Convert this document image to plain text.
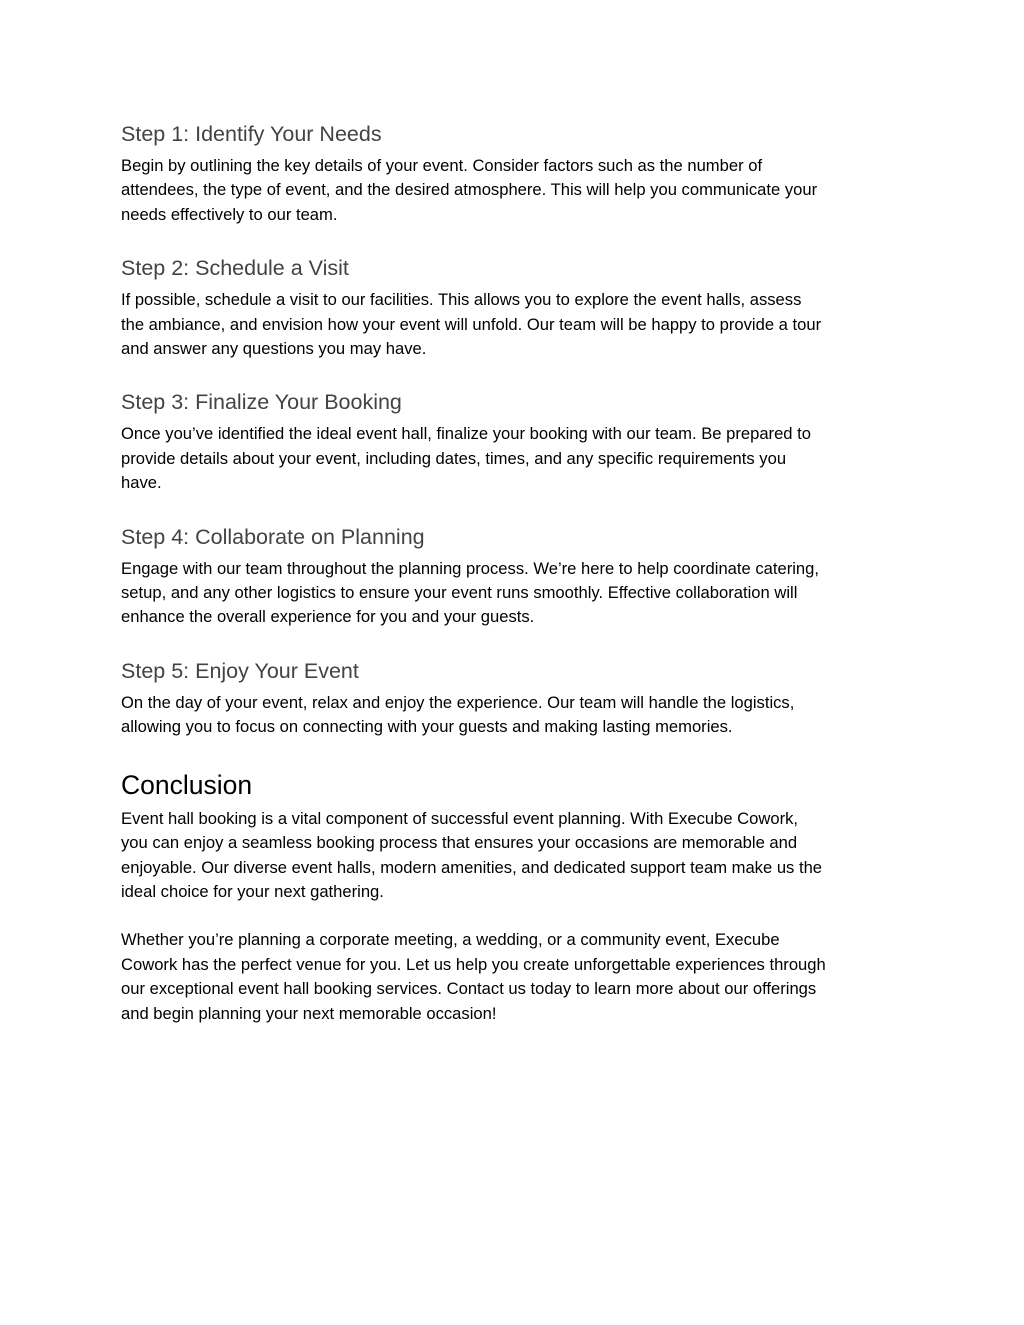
Step 1: Identify Your Needs

Begin by outlining the key details of your event. Consider factors such as the number of
attendees, the type of event, and the desired atmosphere. This will help you communicate your
needs effectively to our team.

Step 2: Schedule a Visit

If possible, schedule a visit to our facilities. This allows you to explore the event halls, assess
the ambiance, and envision how your event will unfold. Our team will be happy to provide a tour
and answer any questions you may have.

Step 3: Finalize Your Booking

Once you’ve identified the ideal event hall, finalize your booking with our team. Be prepared to
provide details about your event, including dates, times, and any specific requirements you
have.

Step 4: Collaborate on Planning

Engage with our team throughout the planning process. We’re here to help coordinate catering,
setup, and any other logistics to ensure your event runs smoothly. Effective collaboration will
enhance the overall experience for you and your guests.

Step 5: Enjoy Your Event

On the day of your event, relax and enjoy the experience. Our team will handle the logistics,
allowing you to focus on connecting with your guests and making lasting memories.

Conclusion

Event hall booking is a vital component of successful event planning. With Execube Cowork,
you can enjoy a seamless booking process that ensures your occasions are memorable and
enjoyable. Our diverse event halls, modern amenities, and dedicated support team make us the
ideal choice for your next gathering.

Whether you’re planning a corporate meeting, a wedding, or a community event, Execube
Cowork has the perfect venue for you. Let us help you create unforgettable experiences through
our exceptional event hall booking services. Contact us today to learn more about our offerings
and begin planning your next memorable occasion!
